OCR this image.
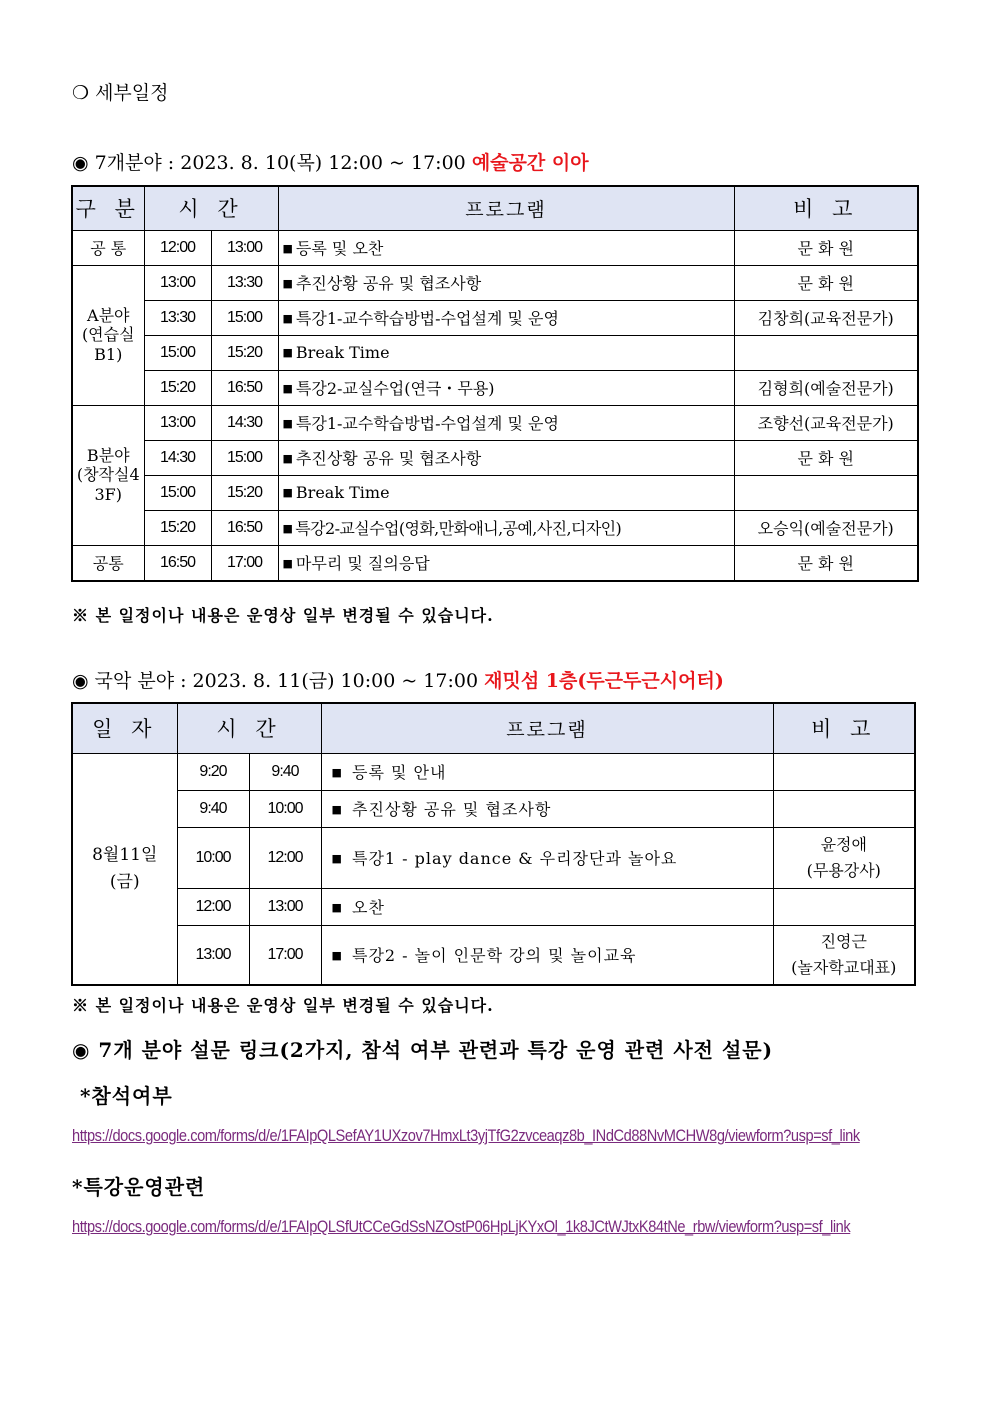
❍ 세부일정
◉ 7개분야 : 2023. 8. 10(목) 12:00 ~ 17:00 예술공간 이아
구 분	시 간		프로그램	비 고
공 통	12:00	13:00	■ 등록 및 오찬	문 화 원
A분야
(연습실
B1)	13:00	13:30	■ 추진상황 공유 및 협조사항	문 화 원
	13:30	15:00	■ 특강1-교수학습방법-수업설계 및 운영	김창희(교육전문가)
	15:00	15:20	■ Break Time	
	15:20	16:50	■ 특강2-교실수업(연극・무용)	김형희(예술전문가)
B분야
(창작실4
3F)	13:00	14:30	■ 특강1-교수학습방법-수업설계 및 운영	조향선(교육전문가)
	14:30	15:00	■ 추진상황 공유 및 협조사항	문 화 원
	15:00	15:20	■ Break Time	
	15:20	16:50	■ 특강2-교실수업(영화,만화애니,공예,사진,디자인)	오승익(예술전문가)
공통	16:50	17:00	■ 마무리 및 질의응답	문 화 원
※ 본 일정이나 내용은 운영상 일부 변경될 수 있습니다.
◉ 국악 분야 : 2023. 8. 11(금) 10:00 ~ 17:00 재밋섬 1층(두근두근시어터)
일 자	시 간		프로그램	비 고
8월11일
(금)	9:20	9:40	■ 등록 및 안내	
	9:40	10:00	■ 추진상황 공유 및 협조사항	
	10:00	12:00	■ 특강1 - play dance & 우리장단과 놀아요	윤정애
(무용강사)
	12:00	13:00	■ 오찬	
	13:00	17:00	■ 특강2 - 놀이 인문학 강의 및 놀이교육	진영근
(놀자학교대표)
※ 본 일정이나 내용은 운영상 일부 변경될 수 있습니다.
◉ 7개 분야 설문 링크(2가지, 참석 여부 관련과 특강 운영 관련 사전 설문)
*참석여부
https://docs.google.com/forms/d/e/1FAIpQLSefAY1UXzov7HmxLt3yjTfG2zvceaqz8b_INdCd88NvMCHW8g/viewform?usp=sf_link
*특강운영관련
https://docs.google.com/forms/d/e/1FAIpQLSfUtCCeGdSsNZOstP06HpLjKYxOl_1k8JCtWJtxK84tNe_rbw/viewform?usp=sf_link
